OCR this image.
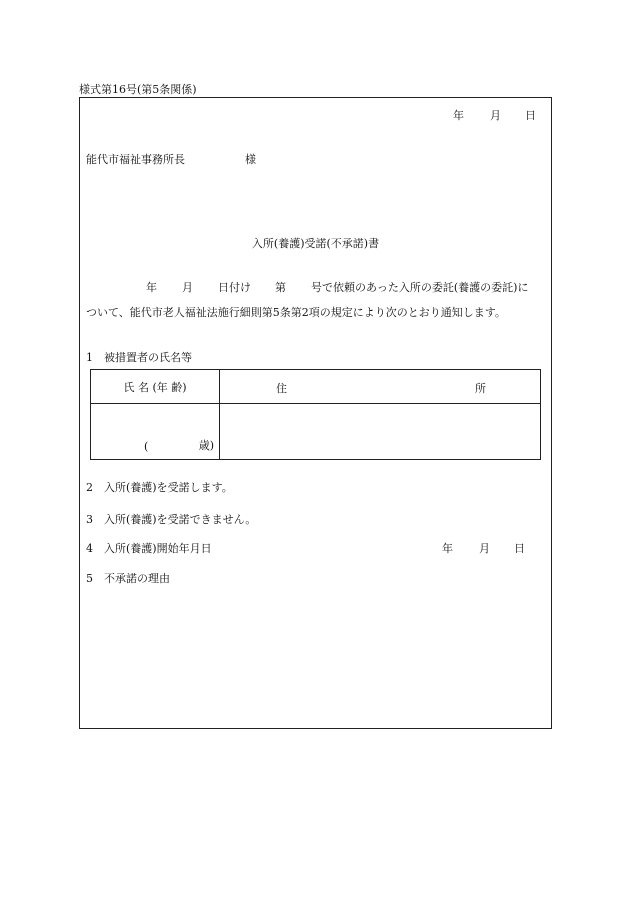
様式第16号(第5条関係)
年 月 日
能代市福祉事務所長	様
入所(養護)受諾(不承諾)書
年 月 日付け 第 号で依頼のあった入所の委託(養護の委託)に
ついて、能代市老人福祉法施行細則第5条第2項の規定により次のとおり通知します。
1 被措置者の氏名等
氏 名 (年 齢)	住 所

( 歳)	

2 入所(養護)を受諾します。
3 入所(養護)を受諾できません。
4 入所(養護)開始年月日	年 月 日
5 不承諾の理由
